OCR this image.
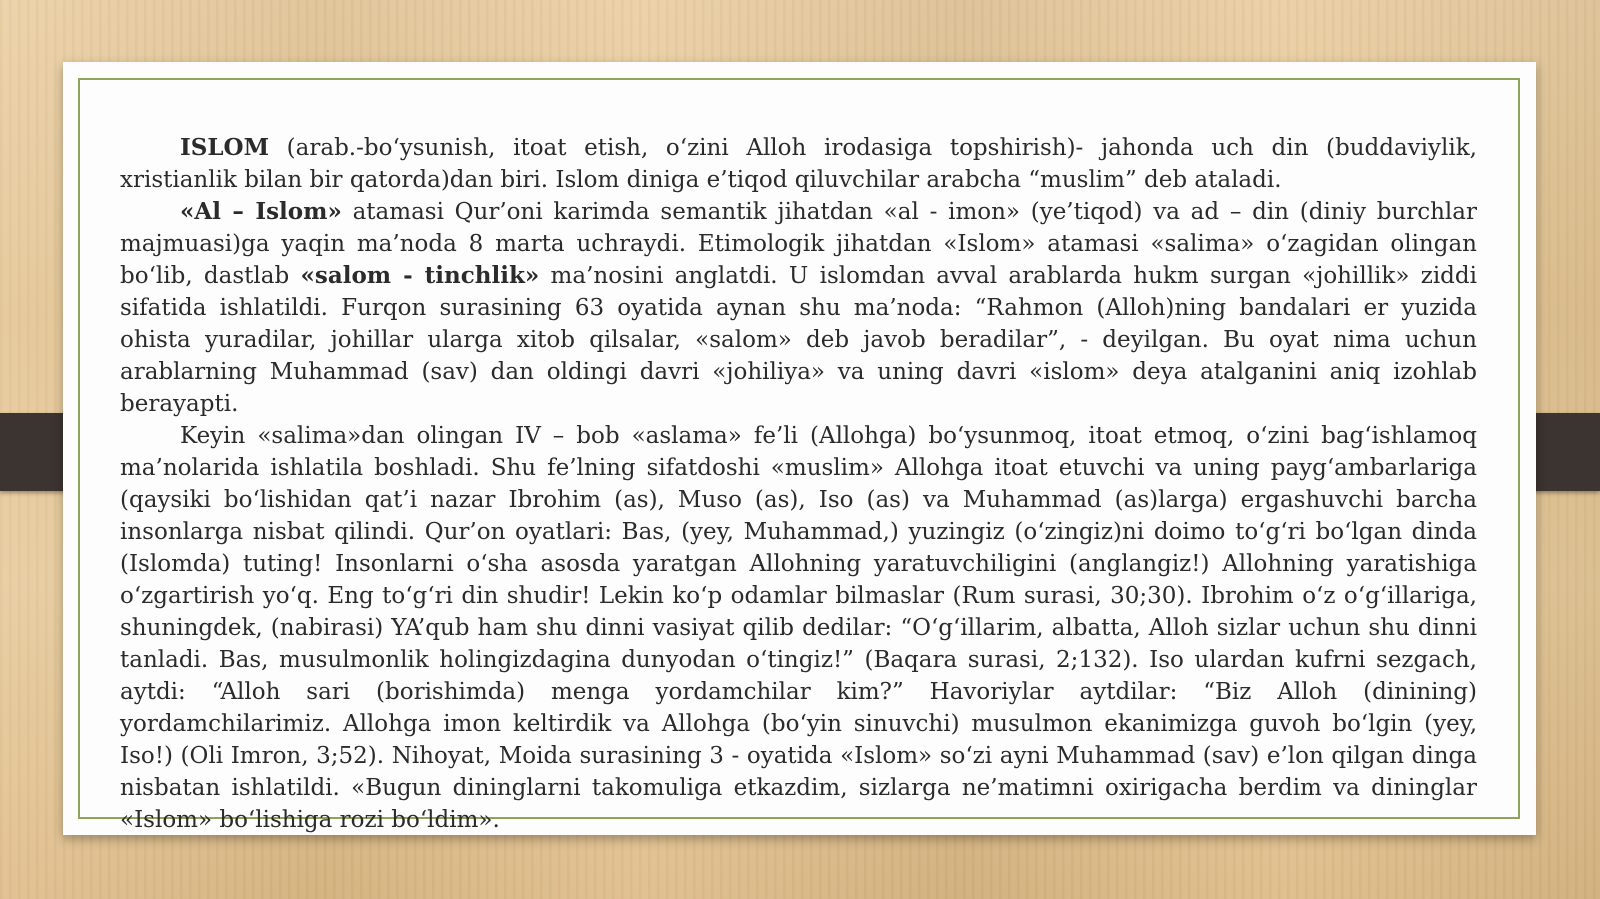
ISLOM (arab.-bo‘ysunish, itoat etish, o‘zini Alloh irodasiga topshirish)- jahonda uch din (buddaviylik, xristianlik bilan bir qatorda)dan biri. Islom diniga e’tiqod qiluvchilar arabcha “muslim” deb ataladi.

«Al – Islom» atamasi Qur’oni karimda semantik jihatdan «al - imon» (ye’tiqod) va ad – din (diniy burchlar majmuasi)ga yaqin ma’noda 8 marta uchraydi. Etimologik jihatdan «Islom» atamasi «salima» o‘zagidan olingan bo‘lib, dastlab «salom - tinchlik» ma’nosini anglatdi. U islomdan avval arablarda hukm surgan «johillik» ziddi sifatida ishlatildi. Furqon surasining 63 oyatida aynan shu ma’noda: “Rahmon (Alloh)ning bandalari er yuzida ohista yuradilar, johillar ularga xitob qilsalar, «salom» deb javob beradilar”, - deyilgan. Bu oyat nima uchun arablarning Muhammad (sav) dan oldingi davri «johiliya» va uning davri «islom» deya atalganini aniq izohlab berayapti.

Keyin «salima»dan olingan IV – bob «aslama» fe’li (Allohga) bo‘ysunmoq, itoat etmoq, o‘zini bag‘ishlamoq ma’nolarida ishlatila boshladi. Shu fe’lning sifatdoshi «muslim» Allohga itoat etuvchi va uning payg‘ambarlariga (qaysiki bo‘lishidan qat’i nazar Ibrohim (as), Muso (as), Iso (as) va Muhammad (as)larga) ergashuvchi barcha insonlarga nisbat qilindi. Qur’on oyatlari: Bas, (yey, Muhammad,) yuzingiz (o‘zingiz)ni doimo to‘g‘ri bo‘lgan dinda (Islomda) tuting! Insonlarni o‘sha asosda yaratgan Allohning yaratuvchiligini (anglangiz!) Allohning yaratishiga o‘zgartirish yo‘q. Eng to‘g‘ri din shudir! Lekin ko‘p odamlar bilmaslar (Rum surasi, 30;30). Ibrohim o‘z o‘g‘illariga, shuningdek, (nabirasi) YA’qub ham shu dinni vasiyat qilib dedilar: “O‘g‘illarim, albatta, Alloh sizlar uchun shu dinni tanladi. Bas, musulmonlik holingizdagina dunyodan o‘tingiz!” (Baqara surasi, 2;132). Iso ulardan kufrni sezgach, aytdi: “Alloh sari (borishimda) menga yordamchilar kim?” Havoriylar aytdilar: “Biz Alloh (dinining) yordamchilarimiz. Allohga imon keltirdik va Allohga (bo‘yin sinuvchi) musulmon ekanimizga guvoh bo‘lgin (yey, Iso!) (Oli Imron, 3;52). Nihoyat, Moida surasining 3 - oyatida «Islom» so‘zi ayni Muhammad (sav) e’lon qilgan dinga nisbatan ishlatildi. «Bugun dininglarni takomuliga etkazdim, sizlarga ne’matimni oxirigacha berdim va dininglar «Islom» bo‘lishiga rozi bo‘ldim».
